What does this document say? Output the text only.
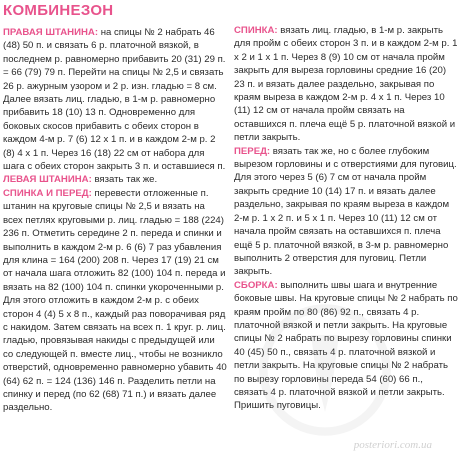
КОМБИНЕЗОН

ПРАВАЯ ШТАНИНА: на спицы № 2 набрать 46 (48) 50 п. и связать 6 р. платочной вязкой, в последнем р. равномерно прибавить 20 (31) 29 п. = 66 (79) 79 п. Перейти на спицы № 2,5 и связать 26 р. ажурным узором и 2 р. изн. гладью = 8 см. Далее вязать лиц. гладью, в 1-м р. равномерно прибавить 18 (10) 13 п. Одновременно для боковых скосов прибавить с обеих сторон в каждом 4-м р. 7 (6) 12 x 1 п. и в каждом 2-м р. 2 (8) 4 x 1 п. Через 16 (18) 22 см от набора для шага с обеих сторон закрыть 3 п. и оставшиеся п.

ЛЕВАЯ ШТАНИНА: вязать так же.

СПИНКА И ПЕРЕД: перевести отложенные п. штанин на круговые спицы № 2,5 и вязать на всех петлях круговыми р. лиц. гладью = 188 (224) 236 п. Отметить середине 2 п. переда и спинки и выполнить в каждом 2-м р. 6 (6) 7 раз убавления для клина = 164 (200) 208 п. Через 17 (19) 21 см от начала шага отложить 82 (100) 104 п. переда и вязать на 82 (100) 104 п. спинки укороченными р. Для этого отложить в каждом 2-м р. с обеих сторон 4 (4) 5 x 8 п., каждый раз поворачивая ряд с накидом. Затем связать на всех п. 1 круг. р. лиц. гладью, провязывая накиды с предыдущей или со следующей п. вместе лиц., чтобы не возникло отверстий, одновременно равномерно убавить 40 (64) 62 п. = 124 (136) 146 п. Разделить петли на спинку и перед (по 62 (68) 71 п.) и вязать далее раздельно.

СПИНКА: вязать лиц. гладью, в 1-м р. закрыть для пройм с обеих сторон 3 п. и в каждом 2-м р. 1 x 2 и 1 x 1 п. Через 8 (9) 10 см от начала пройм закрыть для выреза горловины средние 16 (20) 23 п. и вязать далее раздельно, закрывая по краям выреза в каждом 2-м р. 4 x 1 п. Через 10 (11) 12 см от начала пройм связать на оставшихся п. плеча ещё 5 р. платочной вязкой и петли закрыть.

ПЕРЕД: вязать так же, но с более глубоким вырезом горловины и с отверстиями для пуговиц. Для этого через 5 (6) 7 см от начала пройм закрыть средние 10 (14) 17 п. и вязать далее раздельно, закрывая по краям выреза в каждом 2-м р. 1 x 2 п. и 5 x 1 п. Через 10 (11) 12 см от начала пройм связать на оставшихся п. плеча ещё 5 р. платочной вязкой, в 3-м р. равномерно выполнить 2 отверстия для пуговиц. Петли закрыть.

СБОРКА: выполнить швы шага и внутренние боковые швы. На круговые спицы № 2 набрать по краям пройм по 80 (86) 92 п., связать 4 р. платочной вязкой и петли закрыть. На круговые спицы № 2 набрать по вырезу горловины спинки 40 (45) 50 п., связать 4 р. платочной вязкой и петли закрыть. На круговые спицы № 2 набрать по вырезу горловины переда 54 (60) 66 п., связать 4 р. платочной вязкой и петли закрыть. Пришить пуговицы.

posteriori.com.ua
